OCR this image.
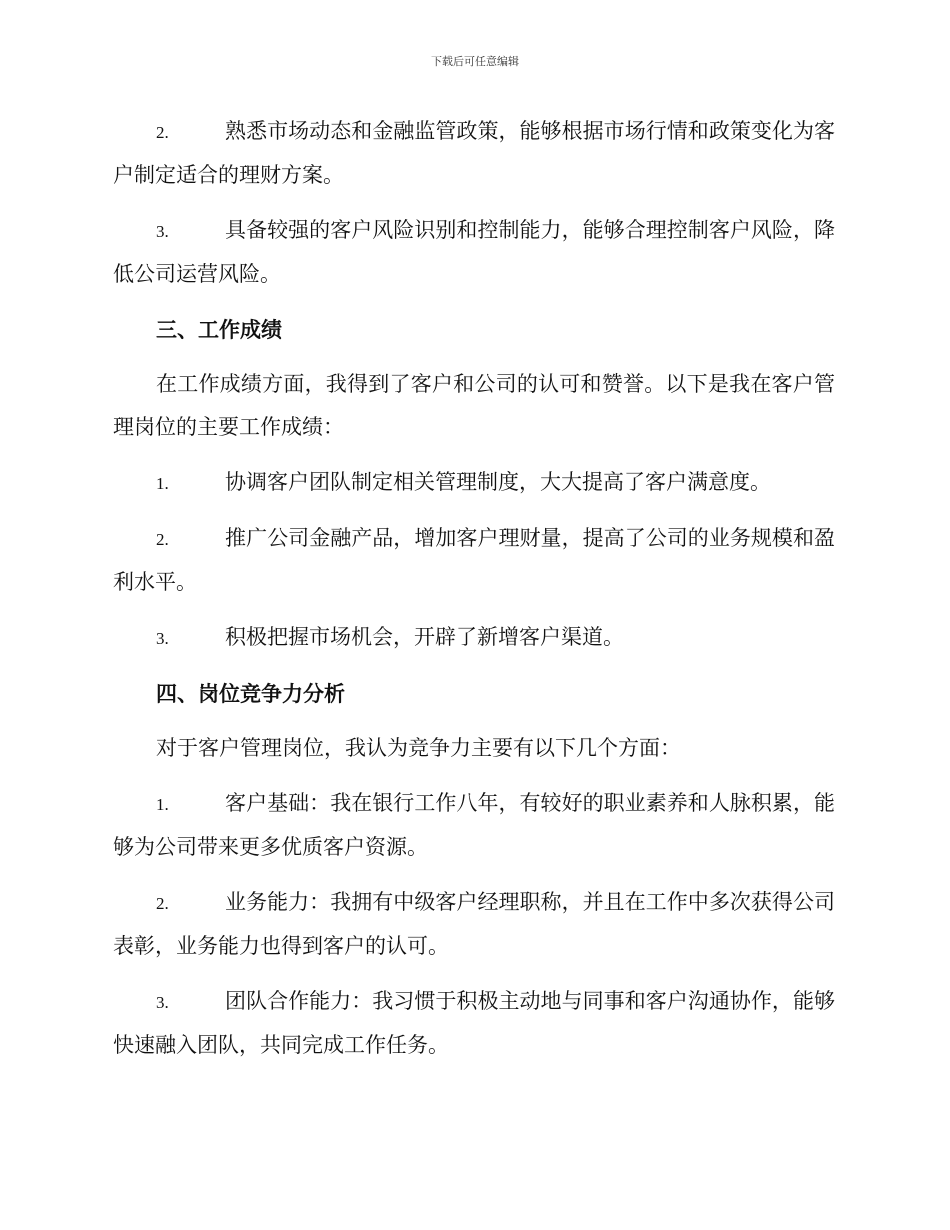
下载后可任意编辑

2.	熟悉市场动态和金融监管政策，能够根据市场行情和政策变化为客户制定适合的理财方案。

3.	具备较强的客户风险识别和控制能力，能够合理控制客户风险，降低公司运营风险。

三、工作成绩

在工作成绩方面，我得到了客户和公司的认可和赞誉。以下是我在客户管理岗位的主要工作成绩：

1.	协调客户团队制定相关管理制度，大大提高了客户满意度。

2.	推广公司金融产品，增加客户理财量，提高了公司的业务规模和盈利水平。

3.	积极把握市场机会，开辟了新增客户渠道。

四、岗位竞争力分析

对于客户管理岗位，我认为竞争力主要有以下几个方面：

1.	客户基础：我在银行工作八年，有较好的职业素养和人脉积累，能够为公司带来更多优质客户资源。

2.	业务能力：我拥有中级客户经理职称，并且在工作中多次获得公司表彰，业务能力也得到客户的认可。

3.	团队合作能力：我习惯于积极主动地与同事和客户沟通协作，能够快速融入团队，共同完成工作任务。
